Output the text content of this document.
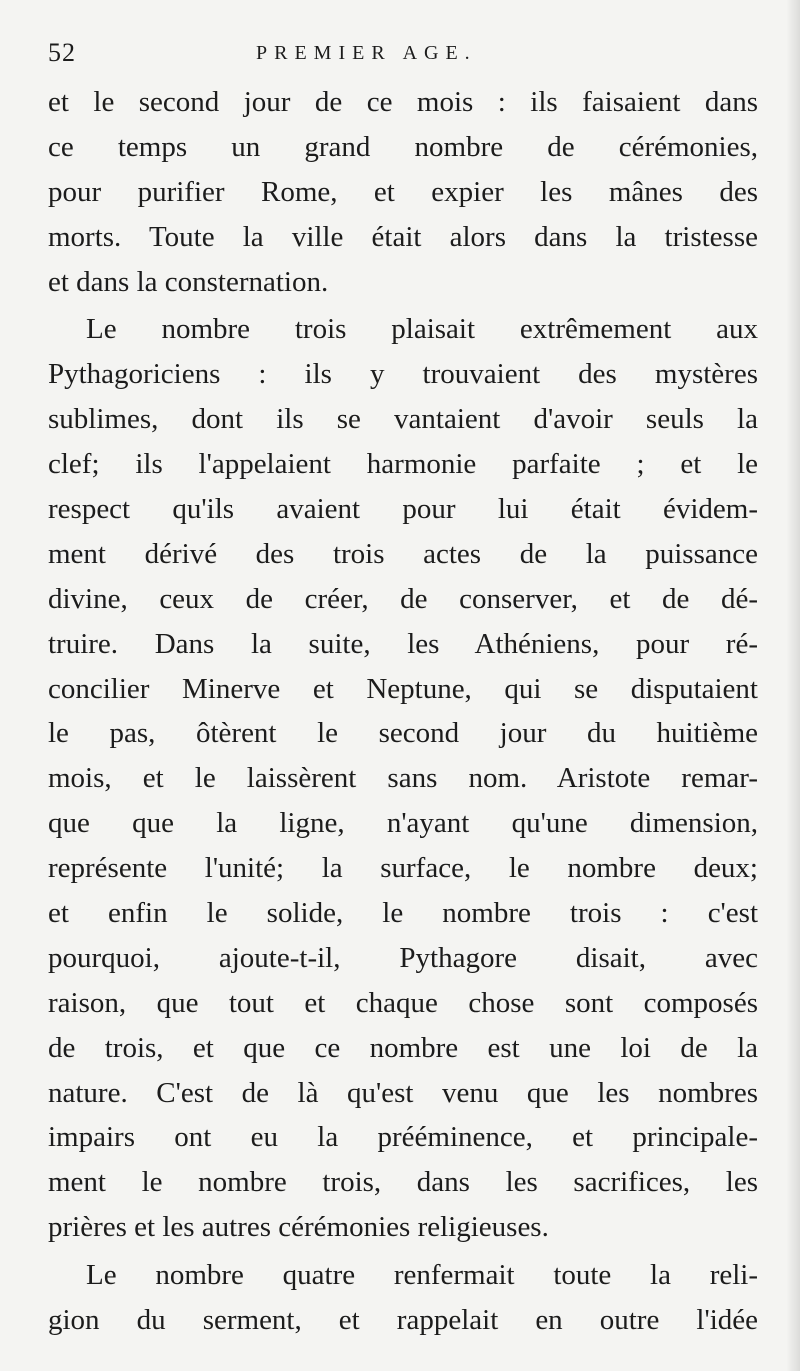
52	PREMIER AGE.
et le second jour de ce mois : ils faisaient dans
ce temps un grand nombre de cérémonies,
pour purifier Rome, et expier les mânes des
morts. Toute la ville était alors dans la tristesse
et dans la consternation.
Le nombre trois plaisait extrêmement aux
Pythagoriciens : ils y trouvaient des mystères
sublimes, dont ils se vantaient d'avoir seuls la
clef; ils l'appelaient harmonie parfaite ; et le
respect qu'ils avaient pour lui était évidem-
ment dérivé des trois actes de la puissance
divine, ceux de créer, de conserver, et de dé-
truire. Dans la suite, les Athéniens, pour ré-
concilier Minerve et Neptune, qui se disputaient
le pas, ôtèrent le second jour du huitième
mois, et le laissèrent sans nom. Aristote remar-
que que la ligne, n'ayant qu'une dimension,
représente l'unité; la surface, le nombre deux;
et enfin le solide, le nombre trois : c'est
pourquoi, ajoute-t-il, Pythagore disait, avec
raison, que tout et chaque chose sont composés
de trois, et que ce nombre est une loi de la
nature. C'est de là qu'est venu que les nombres
impairs ont eu la prééminence, et principale-
ment le nombre trois, dans les sacrifices, les
prières et les autres cérémonies religieuses.
Le nombre quatre renfermait toute la reli-
gion du serment, et rappelait en outre l'idée
